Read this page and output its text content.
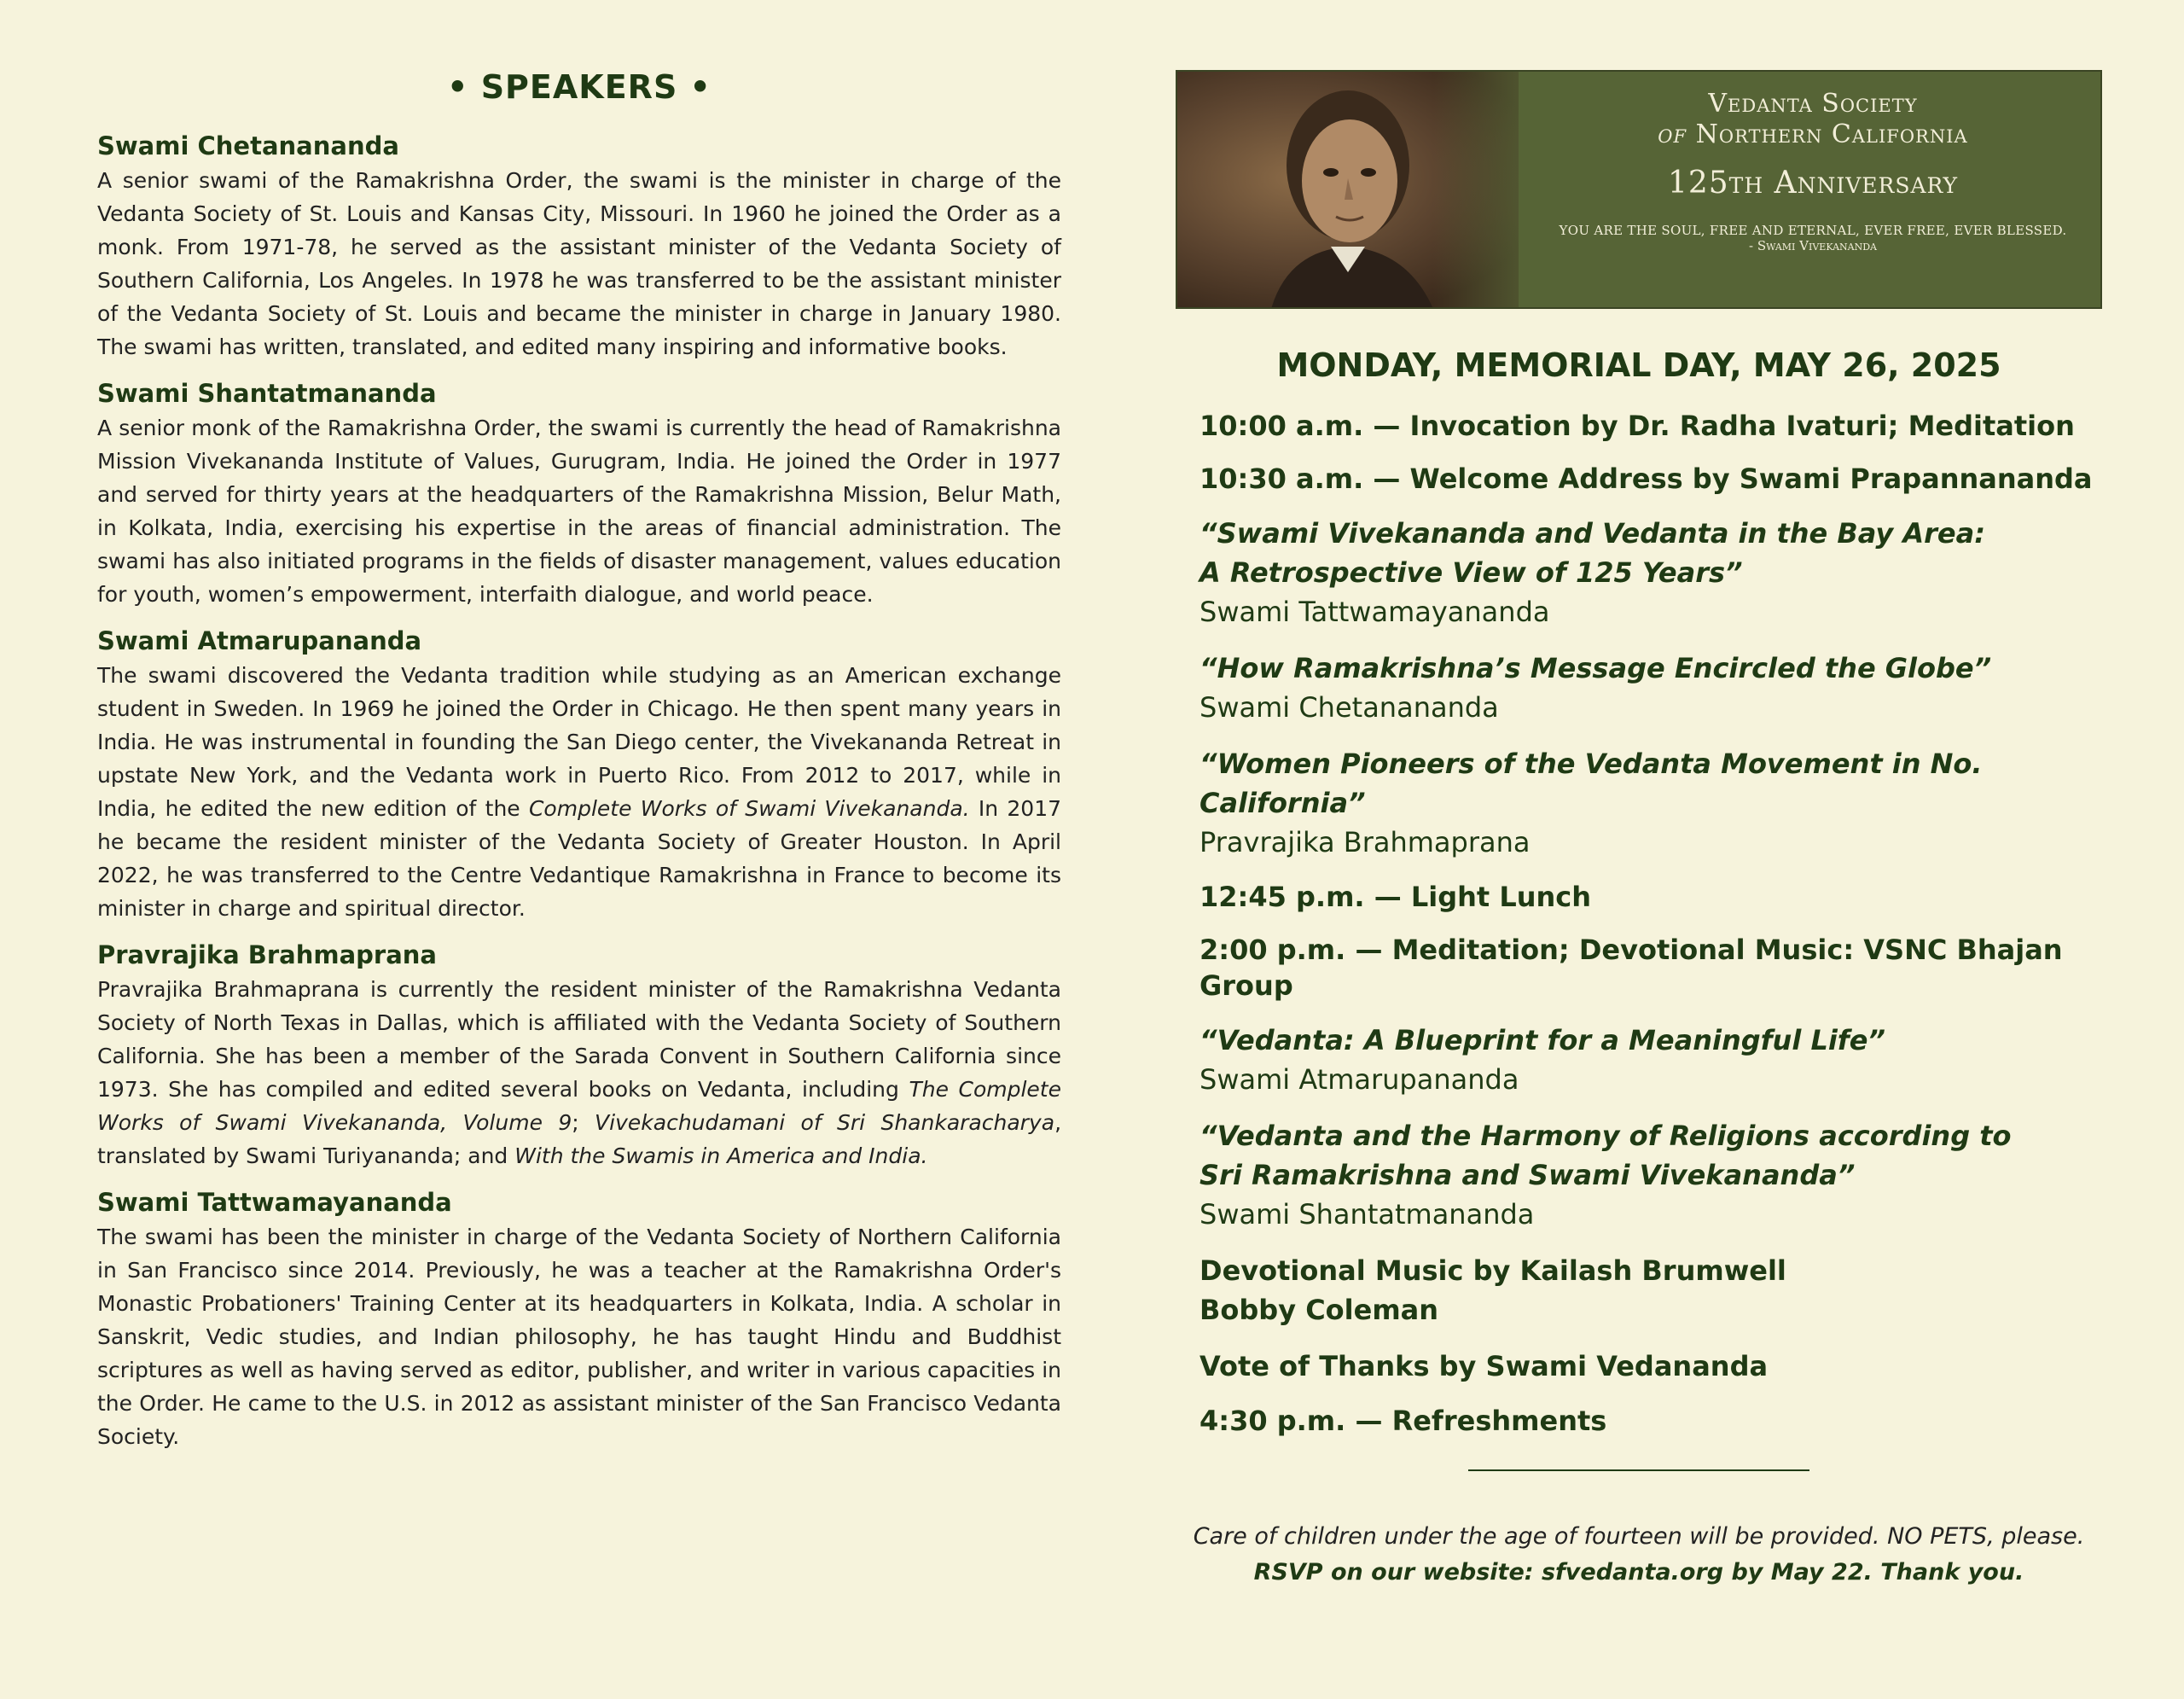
• SPEAKERS •
Swami Chetanananda

A senior swami of the Ramakrishna Order, the swami is the minister in charge of the Vedanta Society of St. Louis and Kansas City, Missouri. In 1960 he joined the Order as a monk. From 1971-78, he served as the assistant minister of the Vedanta Society of Southern California, Los Angeles. In 1978 he was transferred to be the assistant minister of the Vedanta Society of St. Louis and became the minister in charge in January 1980. The swami has written, translated, and edited many inspiring and informative books.

Swami Shantatmananda

A senior monk of the Ramakrishna Order, the swami is currently the head of Ramakrishna Mission Vivekananda Institute of Values, Gurugram, India. He joined the Order in 1977 and served for thirty years at the headquarters of the Ramakrishna Mission, Belur Math, in Kolkata, India, exercising his expertise in the areas of financial administration. The swami has also initiated programs in the fields of disaster management, values education for youth, women’s empowerment, interfaith dialogue, and world peace.

Swami Atmarupananda

The swami discovered the Vedanta tradition while studying as an American exchange student in Sweden. In 1969 he joined the Order in Chicago. He then spent many years in India. He was instrumental in founding the San Diego center, the Vivekananda Retreat in upstate New York, and the Vedanta work in Puerto Rico. From 2012 to 2017, while in India, he edited the new edition of the Complete Works of Swami Vivekananda. In 2017 he became the resident minister of the Vedanta Society of Greater Houston. In April 2022, he was transferred to the Centre Vedantique Ramakrishna in France to become its minister in charge and spiritual director.

Pravrajika Brahmaprana

Pravrajika Brahmaprana is currently the resident minister of the Ramakrishna Vedanta Society of North Texas in Dallas, which is affiliated with the Vedanta Society of Southern California. She has been a member of the Sarada Convent in Southern California since 1973. She has compiled and edited several books on Vedanta, including The Complete Works of Swami Vivekananda, Volume 9; Vivekachudamani of Sri Shankaracharya, translated by Swami Turiyananda; and With the Swamis in America and India.

Swami Tattwamayananda

The swami has been the minister in charge of the Vedanta Society of Northern California in San Francisco since 2014. Previously, he was a teacher at the Ramakrishna Order's Monastic Probationers' Training Center at its headquarters in Kolkata, India. A scholar in Sanskrit, Vedic studies, and Indian philosophy, he has taught Hindu and Buddhist scriptures as well as having served as editor, publisher, and writer in various capacities in the Order. He came to the U.S. in 2012 as assistant minister of the San Francisco Vedanta Society.

Vedanta Society
of Northern California
125th Anniversary
YOU ARE THE SOUL, FREE AND ETERNAL, EVER FREE, EVER BLESSED.
- Swami Vivekananda
MONDAY, MEMORIAL DAY, MAY 26, 2025
10:00 a.m. — Invocation by Dr. Radha Ivaturi; Meditation
10:30 a.m. — Welcome Address by Swami Prapannananda
“Swami Vivekananda and Vedanta in the Bay Area:
A Retrospective View of 125 Years”
Swami Tattwamayananda
“How Ramakrishna’s Message Encircled the Globe”
Swami Chetanananda
“Women Pioneers of the Vedanta Movement in No. California”
Pravrajika Brahmaprana
12:45 p.m. — Light Lunch
2:00 p.m. — Meditation; Devotional Music: VSNC Bhajan Group
“Vedanta: A Blueprint for a Meaningful Life”
Swami Atmarupananda
“Vedanta and the Harmony of Religions according to
Sri Ramakrishna and Swami Vivekananda”
Swami Shantatmananda
Devotional Music by Kailash Brumwell
Bobby Coleman
Vote of Thanks by Swami Vedananda
4:30 p.m. — Refreshments
Care of children under the age of fourteen will be provided. NO PETS, please.
RSVP on our website: sfvedanta.org by May 22. Thank you.
